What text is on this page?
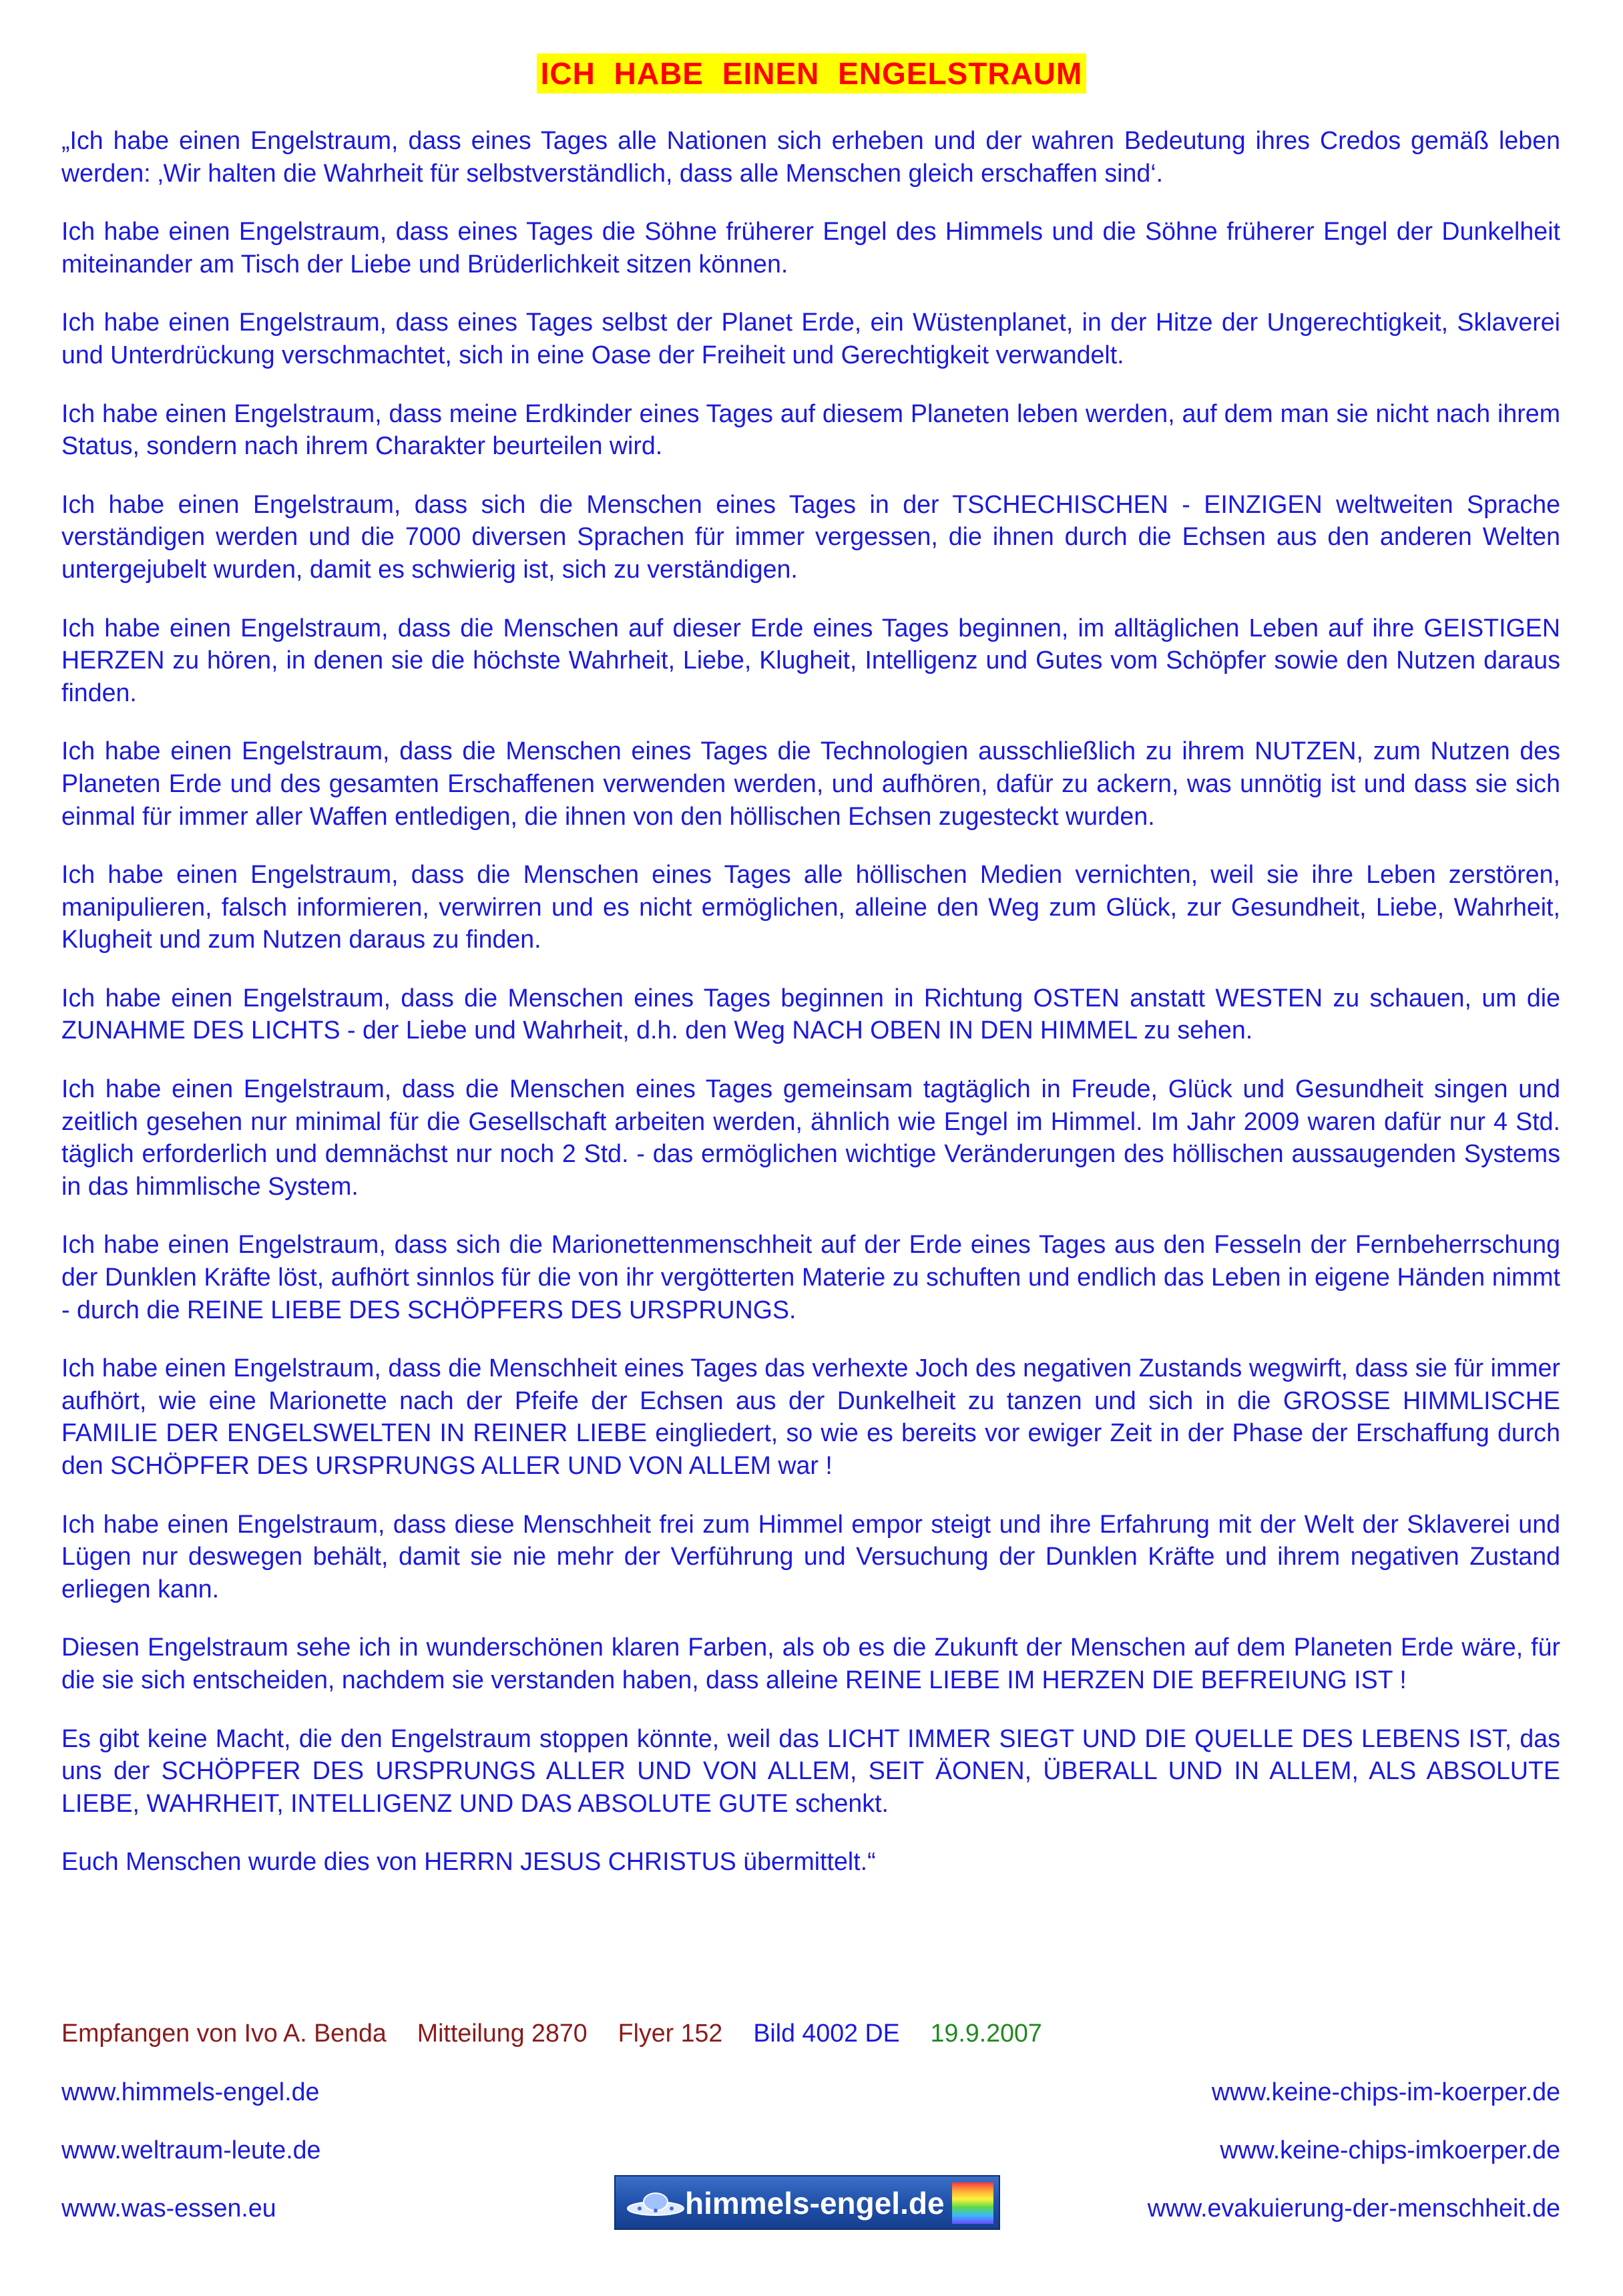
ICH HABE EINEN ENGELSTRAUM

„Ich habe einen Engelstraum, dass eines Tages alle Nationen sich erheben und der wahren Bedeutung ihres Credos gemäß leben werden: ‚Wir halten die Wahrheit für selbstverständlich, dass alle Menschen gleich erschaffen sind‘.

Ich habe einen Engelstraum, dass eines Tages die Söhne früherer Engel des Himmels und die Söhne früherer Engel der Dunkelheit miteinander am Tisch der Liebe und Brüderlichkeit sitzen können.

Ich habe einen Engelstraum, dass eines Tages selbst der Planet Erde, ein Wüstenplanet, in der Hitze der Ungerechtigkeit, Sklaverei und Unterdrückung verschmachtet, sich in eine Oase der Freiheit und Gerechtigkeit verwandelt.

Ich habe einen Engelstraum, dass meine Erdkinder eines Tages auf diesem Planeten leben werden, auf dem man sie nicht nach ihrem Status, sondern nach ihrem Charakter beurteilen wird.

Ich habe einen Engelstraum, dass sich die Menschen eines Tages in der TSCHECHISCHEN - EINZIGEN weltweiten Sprache verständigen werden und die 7000 diversen Sprachen für immer vergessen, die ihnen durch die Echsen aus den anderen Welten untergejubelt wurden, damit es schwierig ist, sich zu verständigen.

Ich habe einen Engelstraum, dass die Menschen auf dieser Erde eines Tages beginnen, im alltäglichen Leben auf ihre GEISTIGEN HERZEN zu hören, in denen sie die höchste Wahrheit, Liebe, Klugheit, Intelligenz und Gutes vom Schöpfer sowie den Nutzen daraus finden.

Ich habe einen Engelstraum, dass die Menschen eines Tages die Technologien ausschließlich zu ihrem NUTZEN, zum Nutzen des Planeten Erde und des gesamten Erschaffenen verwenden werden, und aufhören, dafür zu ackern, was unnötig ist und dass sie sich einmal für immer aller Waffen entledigen, die ihnen von den höllischen Echsen zugesteckt wurden.

Ich habe einen Engelstraum, dass die Menschen eines Tages alle höllischen Medien vernichten, weil sie ihre Leben zerstören, manipulieren, falsch informieren, verwirren und es nicht ermöglichen, alleine den Weg zum Glück, zur Gesundheit, Liebe, Wahrheit, Klugheit und zum Nutzen daraus zu finden.

Ich habe einen Engelstraum, dass die Menschen eines Tages beginnen in Richtung OSTEN anstatt WESTEN zu schauen, um die ZUNAHME DES LICHTS - der Liebe und Wahrheit, d.h. den Weg NACH OBEN IN DEN HIMMEL zu sehen.

Ich habe einen Engelstraum, dass die Menschen eines Tages gemeinsam tagtäglich in Freude, Glück und Gesundheit singen und zeitlich gesehen nur minimal für die Gesellschaft arbeiten werden, ähnlich wie Engel im Himmel. Im Jahr 2009 waren dafür nur 4 Std. täglich erforderlich und demnächst nur noch 2 Std. - das ermöglichen wichtige Veränderungen des höllischen aussaugenden Systems in das himmlische System.

Ich habe einen Engelstraum, dass sich die Marionettenmenschheit auf der Erde eines Tages aus den Fesseln der Fernbeherrschung der Dunklen Kräfte löst, aufhört sinnlos für die von ihr vergötterten Materie zu schuften und endlich das Leben in eigene Händen nimmt - durch die REINE LIEBE DES SCHÖPFERS DES URSPRUNGS.

Ich habe einen Engelstraum, dass die Menschheit eines Tages das verhexte Joch des negativen Zustands wegwirft, dass sie für immer aufhört, wie eine Marionette nach der Pfeife der Echsen aus der Dunkelheit zu tanzen und sich in die GROSSE HIMMLISCHE FAMILIE DER ENGELSWELTEN IN REINER LIEBE eingliedert, so wie es bereits vor ewiger Zeit in der Phase der Erschaffung durch den SCHÖPFER DES URSPRUNGS ALLER UND VON ALLEM war !

Ich habe einen Engelstraum, dass diese Menschheit frei zum Himmel empor steigt und ihre Erfahrung mit der Welt der Sklaverei und Lügen nur deswegen behält, damit sie nie mehr der Verführung und Versuchung der Dunklen Kräfte und ihrem negativen Zustand erliegen kann.

Diesen Engelstraum sehe ich in wunderschönen klaren Farben, als ob es die Zukunft der Menschen auf dem Planeten Erde wäre, für die sie sich entscheiden, nachdem sie verstanden haben, dass alleine REINE LIEBE IM HERZEN DIE BEFREIUNG IST !

Es gibt keine Macht, die den Engelstraum stoppen könnte, weil das LICHT IMMER SIEGT UND DIE QUELLE DES LEBENS IST, das uns der SCHÖPFER DES URSPRUNGS ALLER UND VON ALLEM, SEIT ÄONEN, ÜBERALL UND IN ALLEM, ALS ABSOLUTE LIEBE, WAHRHEIT, INTELLIGENZ UND DAS ABSOLUTE GUTE schenkt.

Euch Menschen wurde dies von HERRN JESUS CHRISTUS übermittelt.“

Empfangen von Ivo A. Benda Mitteilung 2870 Flyer 152 Bild 4002 DE 19.9.2007
www.himmels-engel.de
www.weltraum-leute.de
www.was-essen.eu
www.keine-chips-im-koerper.de
www.keine-chips-imkoerper.de
www.evakuierung-der-menschheit.de
himmels-engel.de
